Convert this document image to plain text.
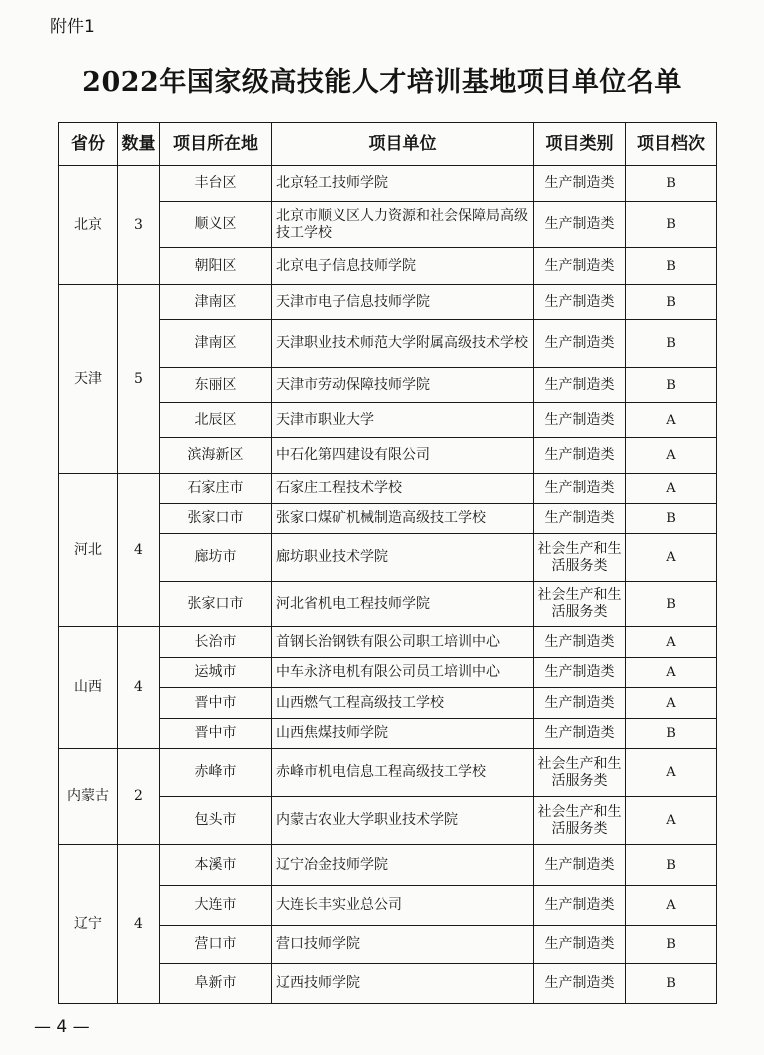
附件1
2022年国家级高技能人才培训基地项目单位名单
省份	数量	项目所在地	项目单位	项目类别	项目档次
北京	3	丰台区	北京轻工技师学院	生产制造类	B
		顺义区	北京市顺义区人力资源和社会保障局高级技工学校	生产制造类	B
		朝阳区	北京电子信息技师学院	生产制造类	B
天津	5	津南区	天津市电子信息技师学院	生产制造类	B
		津南区	天津职业技术师范大学附属高级技术学校	生产制造类	B
		东丽区	天津市劳动保障技师学院	生产制造类	B
		北辰区	天津市职业大学	生产制造类	A
		滨海新区	中石化第四建设有限公司	生产制造类	A
河北	4	石家庄市	石家庄工程技术学校	生产制造类	A
		张家口市	张家口煤矿机械制造高级技工学校	生产制造类	B
		廊坊市	廊坊职业技术学院	社会生产和生活服务类	A
		张家口市	河北省机电工程技师学院	社会生产和生活服务类	B
山西	4	长治市	首钢长治钢铁有限公司职工培训中心	生产制造类	A
		运城市	中车永济电机有限公司员工培训中心	生产制造类	A
		晋中市	山西燃气工程高级技工学校	生产制造类	A
		晋中市	山西焦煤技师学院	生产制造类	B
内蒙古	2	赤峰市	赤峰市机电信息工程高级技工学校	社会生产和生活服务类	A
		包头市	内蒙古农业大学职业技术学院	社会生产和生活服务类	A
辽宁	4	本溪市	辽宁冶金技师学院	生产制造类	B
		大连市	大连长丰实业总公司	生产制造类	A
		营口市	营口技师学院	生产制造类	B
		阜新市	辽西技师学院	生产制造类	B
— 4 —
